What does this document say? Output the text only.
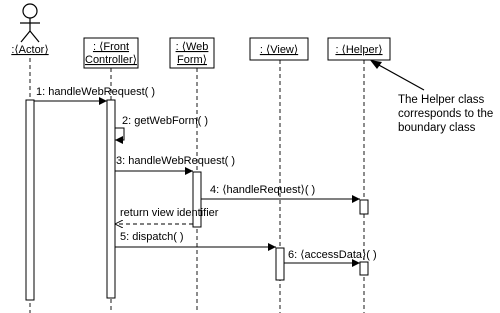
:⟨Actor⟩	: ⟨Front
Controller⟩
: ⟨Web
Form⟩
: ⟨View⟩	: ⟨Helper⟩
1: handleWebRequest( )
2: getWebForm( )
3: handleWebRequest( )
4: ⟨handleRequest⟩( )
return view identifier
5: dispatch( )
6: ⟨accessData⟩( )
The Helper class
corresponds to the
boundary class
